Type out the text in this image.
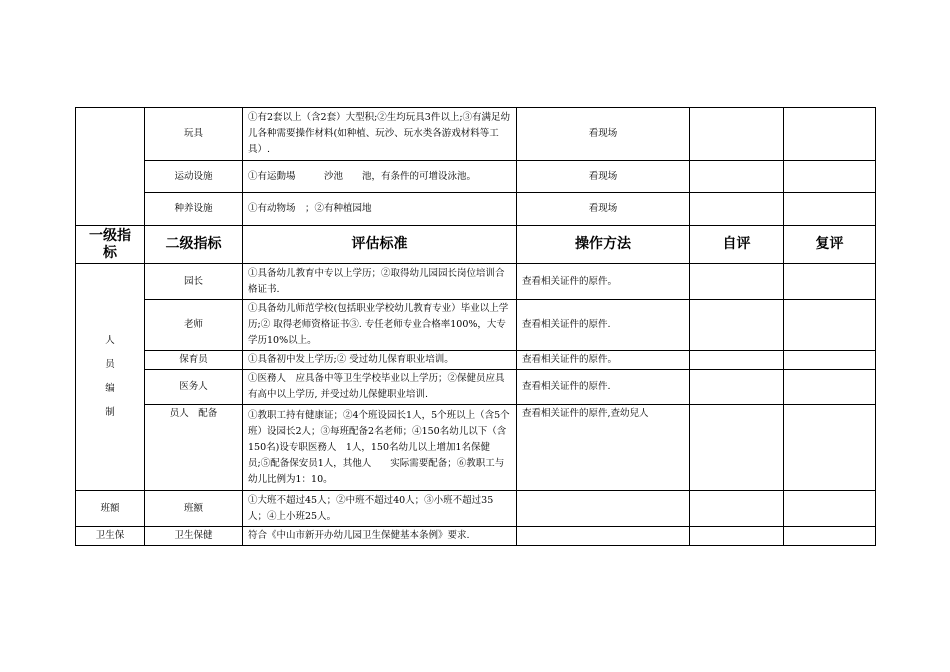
	玩具	①有2套以上（含2套）大型积;②生均玩具3件以上;③有满足幼儿各种需要操作材料(如种植、玩沙、玩水类各游戏材料等工具）.	看现场		
	运动设施	①有运動場　　　沙池　　池，有条件的可增设泳池。	看现场		
	种养设施	①有动物场　；②有种植园地	看现场		
一级指标	二级指标	评估标准	操作方法	自评	复评

人
员
编
制	园长	①具备幼儿教育中专以上学历；②取得幼儿园园长岗位培训合格证书.	查看相关证件的原件。		
	老师	①具备幼儿师范学校(包括职业学校幼儿教育专业）毕业以上学历;② 取得老师资格证书③. 专任老师专业合格率100%，大专学历10%以上。	查看相关证件的原件.		
	保育员	①具备初中发上学历;② 受过幼儿保育职业培训。	查看相关证件的原件。		
	医务人	①医務人　应具备中等卫生学校毕业以上学历；②保健员应具有高中以上学历, 并受过幼儿保健职业培训.	查看相关证件的原件.		
	员人　配备	①教职工持有健康证；②4个班设园长1人，5个班以上（含5个班）设园长2人；③每班配备2名老师；④150名幼儿以下（含150名)设专职医務人　1人，150名幼儿以上增加1名保健员;⑤配备保安员1人，其他人　　实际需要配备；⑥教职工与幼儿比例为1：10。	查看相关证件的原件,查幼兒人		
班額	班额	①大班不超过45人；②中班不超过40人；③小班不超过35人；④上小班25人。			
卫生保	卫生保健	符合《中山市新开办幼儿园卫生保健基本条例》要求.			
